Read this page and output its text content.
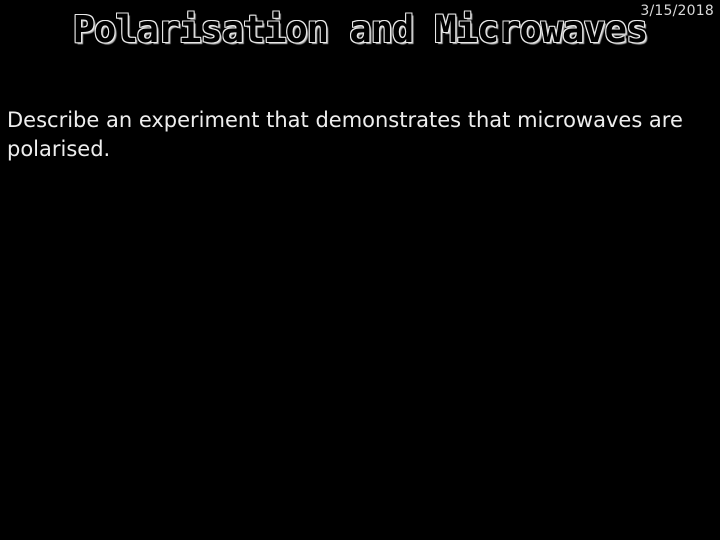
3/15/2018
Polarisation and Microwaves
Describe an experiment that demonstrates that microwaves are polarised.
